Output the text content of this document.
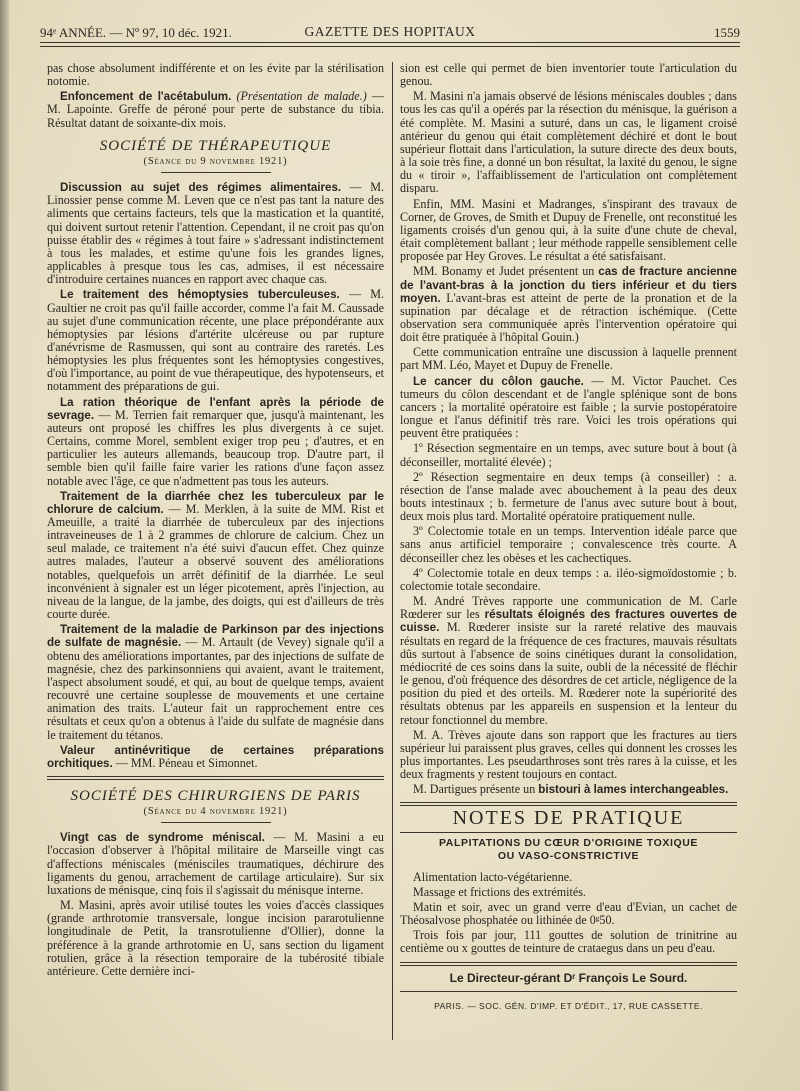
94ᵉ ANNÉE. — Nº 97, 10 déc. 1921.	GAZETTE DES HOPITAUX	1559

pas chose absolument indifférente et on les évite par la stérilisation notomie.

Enfoncement de l'acétabulum. (Présentation de malade.) — M. Lapointe. Greffe de péroné pour perte de substance du tibia. Résultat datant de soixante-dix mois.

SOCIÉTÉ DE THÉRAPEUTIQUE
(Séance du 9 novembre 1921)

Discussion au sujet des régimes alimentaires. — M. Linossier pense comme M. Leven que ce n'est pas tant la nature des aliments que certains facteurs, tels que la mastication et la quantité, qui doivent surtout retenir l'attention. Cependant, il ne croit pas qu'on puisse établir des « régimes à tout faire » s'adressant indistinctement à tous les malades, et estime qu'une fois les grandes lignes, applicables à presque tous les cas, admises, il est nécessaire d'introduire certaines nuances en rapport avec chaque cas.

Le traitement des hémoptysies tuberculeuses. — M. Gaultier ne croit pas qu'il faille accorder, comme l'a fait M. Caussade au sujet d'une communication récente, une place prépondérante aux hémoptysies par lésions d'artérite ulcéreuse ou par rupture d'anévrisme de Rasmussen, qui sont au contraire des raretés. Les hémoptysies les plus fréquentes sont les hémoptysies congestives, d'où l'importance, au point de vue thérapeutique, des hypotenseurs, et notamment des préparations de gui.

La ration théorique de l'enfant après la période de sevrage. — M. Terrien fait remarquer que, jusqu'à maintenant, les auteurs ont proposé les chiffres les plus divergents à ce sujet. Certains, comme Morel, semblent exiger trop peu ; d'autres, et en particulier les auteurs allemands, beaucoup trop. D'autre part, il semble bien qu'il faille faire varier les rations d'une façon assez notable avec l'âge, ce que n'admettent pas tous les auteurs.

Traitement de la diarrhée chez les tuberculeux par le chlorure de calcium. — M. Merklen, à la suite de MM. Rist et Ameuille, a traité la diarrhée de tuberculeux par des injections intraveineuses de 1 à 2 grammes de chlorure de calcium. Chez un seul malade, ce traitement n'a été suivi d'aucun effet. Chez quinze autres malades, l'auteur a observé souvent des améliorations notables, quelquefois un arrêt définitif de la diarrhée. Le seul inconvénient à signaler est un léger picotement, après l'injection, au niveau de la langue, de la jambe, des doigts, qui est d'ailleurs de très courte durée.

Traitement de la maladie de Parkinson par des injections de sulfate de magnésie. — M. Artault (de Vevey) signale qu'il a obtenu des améliorations importantes, par des injections de sulfate de magnésie, chez des parkinsonniens qui avaient, avant le traitement, l'aspect absolument soudé, et qui, au bout de quelque temps, avaient recouvré une certaine souplesse de mouvements et une certaine animation des traits. L'auteur fait un rapprochement entre ces résultats et ceux qu'on a obtenus à l'aide du sulfate de magnésie dans le traitement du tétanos.

Valeur antinévritique de certaines préparations orchitiques. — MM. Péneau et Simonnet.

SOCIÉTÉ DES CHIRURGIENS DE PARIS
(Séance du 4 novembre 1921)

Vingt cas de syndrome méniscal. — M. Masini a eu l'occasion d'observer à l'hôpital militaire de Marseille vingt cas d'affections méniscales (ménisciles traumatiques, déchirure des ligaments du genou, arrachement de cartilage articulaire). Sur six luxations de ménisque, cinq fois il s'agissait du ménisque interne.

M. Masini, après avoir utilisé toutes les voies d'accès classiques (grande arthrotomie transversale, longue incision pararotulienne longitudinale de Petit, la transrotulienne d'Ollier), donne la préférence à la grande arthrotomie en U, sans section du ligament rotulien, grâce à la résection temporaire de la tubérosité tibiale antérieure. Cette dernière inci-

sion est celle qui permet de bien inventorier toute l'articulation du genou.

M. Masini n'a jamais observé de lésions méniscales doubles ; dans tous les cas qu'il a opérés par la résection du ménisque, la guérison a été complète. M. Masini a suturé, dans un cas, le ligament croisé antérieur du genou qui était complètement déchiré et dont le bout supérieur flottait dans l'articulation, la suture directe des deux bouts, à la soie très fine, a donné un bon résultat, la laxité du genou, le signe du « tiroir », l'affaiblissement de l'articulation ont complètement disparu.

Enfin, MM. Masini et Madranges, s'inspirant des travaux de Corner, de Groves, de Smith et Dupuy de Frenelle, ont reconstitué les ligaments croisés d'un genou qui, à la suite d'une chute de cheval, était complètement ballant ; leur méthode rappelle sensiblement celle proposée par Hey Groves. Le résultat a été satisfaisant.

MM. Bonamy et Judet présentent un cas de fracture ancienne de l'avant-bras à la jonction du tiers inférieur et du tiers moyen. L'avant-bras est atteint de perte de la pronation et de la supination par décalage et de rétraction ischémique. (Cette observation sera communiquée après l'intervention opératoire qui doit être pratiquée à l'hôpital Gouin.)

Cette communication entraîne une discussion à laquelle prennent part MM. Léo, Mayet et Dupuy de Frenelle.

Le cancer du côlon gauche. — M. Victor Pauchet. Ces tumeurs du côlon descendant et de l'angle splénique sont de bons cancers ; la mortalité opératoire est faible ; la survie postopératoire longue et l'anus définitif très rare. Voici les trois opérations qui peuvent être pratiquées :

1º Résection segmentaire en un temps, avec suture bout à bout (à déconseiller, mortalité élevée) ;

2º Résection segmentaire en deux temps (à conseiller) : a. résection de l'anse malade avec abouchement à la peau des deux bouts intestinaux ; b. fermeture de l'anus avec suture bout à bout, deux mois plus tard. Mortalité opératoire pratiquement nulle.

3º Colectomie totale en un temps. Intervention idéale parce que sans anus artificiel temporaire ; convalescence très courte. A déconseiller chez les obèses et les cachectiques.

4º Colectomie totale en deux temps : a. iléo-sigmoïdostomie ; b. colectomie totale secondaire.

M. André Trèves rapporte une communication de M. Carle Rœderer sur les résultats éloignés des fractures ouvertes de cuisse. M. Rœderer insiste sur la rareté relative des mauvais résultats en regard de la fréquence de ces fractures, mauvais résultats dûs surtout à l'absence de soins cinétiques durant la consolidation, médiocrité de ces soins dans la suite, oubli de la nécessité de fléchir le genou, d'où fréquence des désordres de cet article, négligence de la position du pied et des orteils. M. Rœderer note la supériorité des résultats obtenus par les appareils en suspension et la lenteur du retour fonctionnel du membre.

M. A. Trèves ajoute dans son rapport que les fractures au tiers supérieur lui paraissent plus graves, celles qui donnent les crosses les plus importantes. Les pseudarthroses sont très rares à la cuisse, et les deux fragments y restent toujours en contact.

M. Dartigues présente un bistouri à lames interchangeables.

NOTES DE PRATIQUE
PALPITATIONS DU CŒUR D'ORIGINE TOXIQUE
OU VASO-CONSTRICTIVE

Alimentation lacto-végétarienne.

Massage et frictions des extrémités.

Matin et soir, avec un grand verre d'eau d'Evian, un cachet de Théosalvose phosphatée ou lithinée de 0ᵍ50.

Trois fois par jour, 111 gouttes de solution de trinitrine au centième ou x gouttes de teinture de crataegus dans un peu d'eau.

Le Directeur-gérant Dʳ François Le Sourd.
PARIS. — SOC. GÉN. D'IMP. ET D'ÉDIT., 17, RUE CASSETTE.
